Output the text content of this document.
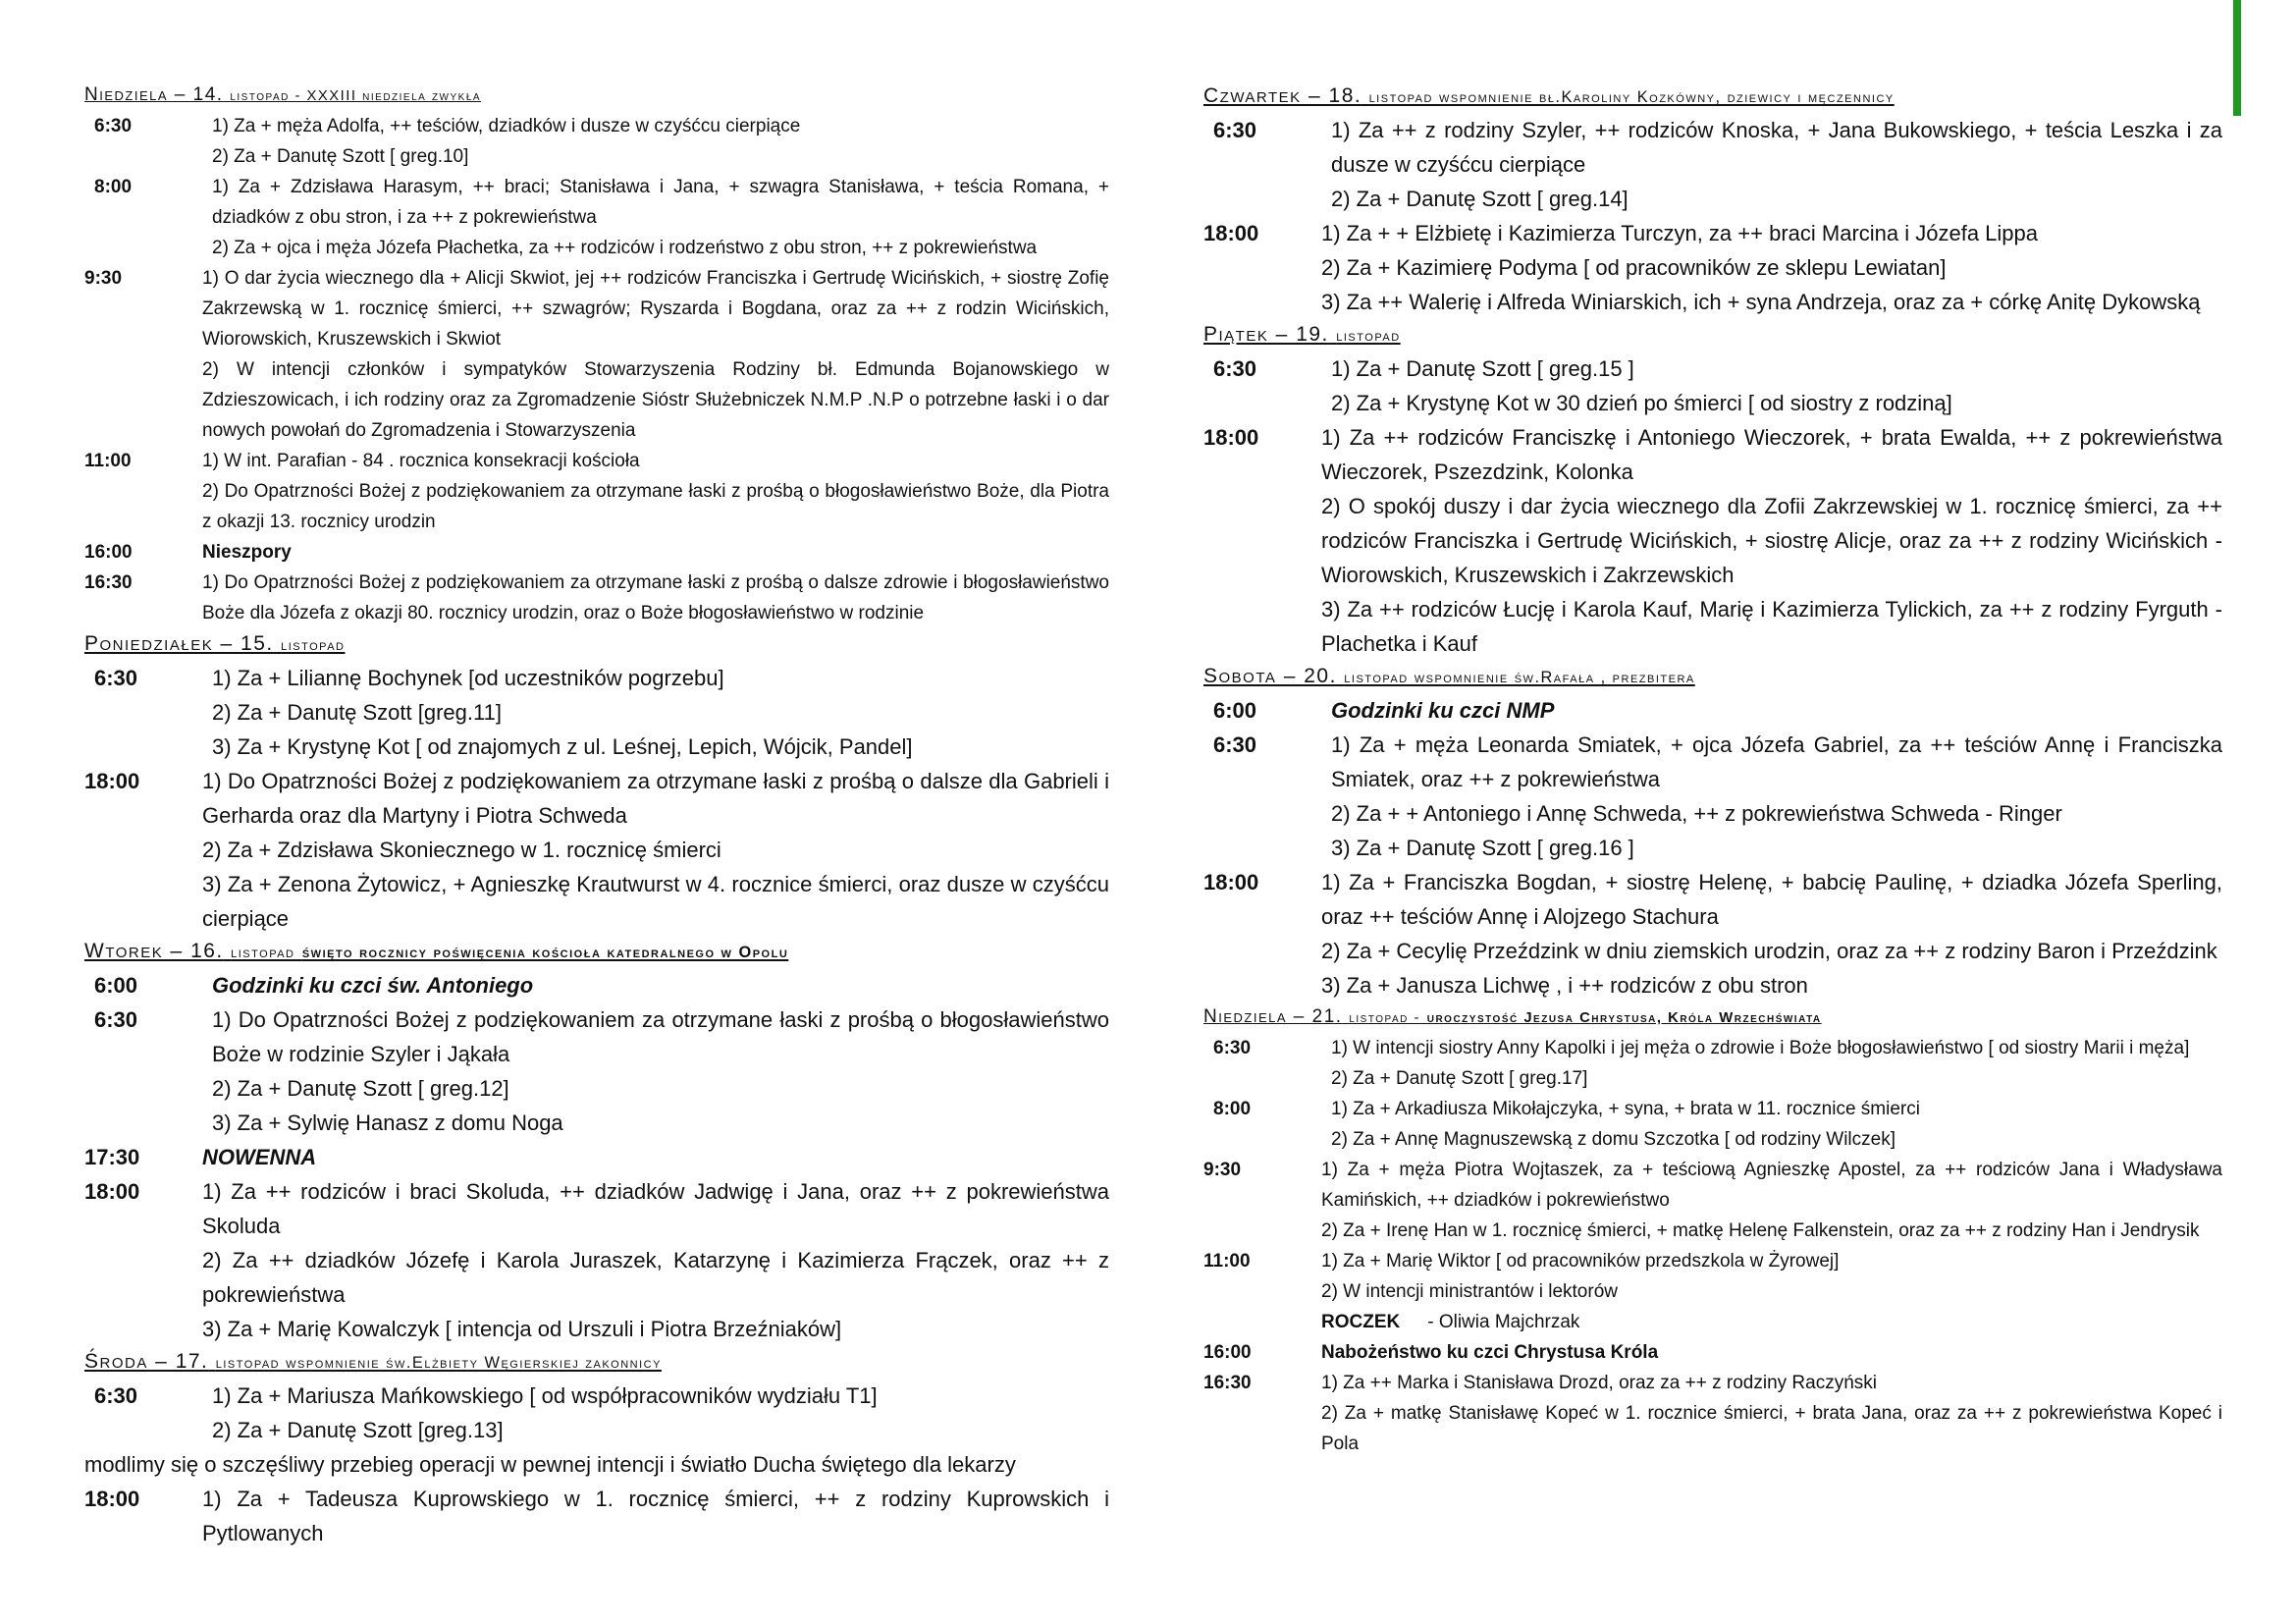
Niedziela – 14. listopad - XXXIII niedziela zwykła
6:30	1) Za + męża Adolfa, ++ teściów, dziadków i dusze w czyśćcu cierpiące
2) Za + Danutę Szott [ greg.10]
8:00	1) Za + Zdzisława Harasym, ++ braci; Stanisława i Jana, + szwagra Stanisława, + teścia Romana, + dziadków z obu stron, i za ++ z pokrewieństwa
2) Za + ojca i męża Józefa Płachetka, za ++ rodziców i rodzeństwo z obu stron, ++ z pokrewieństwa
9:30	1) O dar życia wiecznego dla + Alicji Skwiot, jej ++ rodziców Franciszka i Gertrudę Wicińskich, + siostrę Zofię Zakrzewską w 1. rocznicę śmierci, ++ szwagrów; Ryszarda i Bogdana, oraz za ++ z rodzin Wicińskich, Wiorowskich, Kruszewskich i Skwiot
2) W intencji członków i sympatyków Stowarzyszenia Rodziny bł. Edmunda Bojanowskiego w Zdzieszowicach, i ich rodziny oraz za Zgromadzenie Sióstr Służebniczek N.M.P .N.P o potrzebne łaski i o dar nowych powołań do Zgromadzenia i Stowarzyszenia
11:00	1) W int. Parafian - 84 . rocznica konsekracji kościoła
2) Do Opatrzności Bożej z podziękowaniem za otrzymane łaski z prośbą o błogosławieństwo Boże, dla Piotra z okazji 13. rocznicy urodzin
16:00	Nieszpory
16:30	1) Do Opatrzności Bożej z podziękowaniem za otrzymane łaski z prośbą o dalsze zdrowie i błogosławieństwo Boże dla Józefa z okazji 80. rocznicy urodzin, oraz o Boże błogosławieństwo w rodzinie
Poniedziałek – 15. listopad
6:30	1) Za + Liliannę Bochynek [od uczestników pogrzebu]
2) Za + Danutę Szott [greg.11]
3) Za + Krystynę Kot [ od znajomych z ul. Leśnej, Lepich, Wójcik, Pandel]
18:00	1) Do Opatrzności Bożej z podziękowaniem za otrzymane łaski z prośbą o dalsze dla Gabrieli i Gerharda oraz dla Martyny i Piotra Schweda
2) Za + Zdzisława Skoniecznego w 1. rocznicę śmierci
3) Za + Zenona Żytowicz, + Agnieszkę Krautwurst w 4. rocznice śmierci, oraz dusze w czyśćcu cierpiące
Wtorek – 16. listopad święto rocznicy poświęcenia kościoła katedralnego w Opolu
6:00	Godzinki ku czci św. Antoniego
6:30	1) Do Opatrzności Bożej z podziękowaniem za otrzymane łaski z prośbą o błogosławieństwo Boże w rodzinie Szyler i Jąkała
2) Za + Danutę Szott [ greg.12]
3) Za + Sylwię Hanasz z domu Noga
17:30	NOWENNA
18:00	1) Za ++ rodziców i braci Skoluda, ++ dziadków Jadwigę i Jana, oraz ++ z pokrewieństwa Skoluda
2) Za ++ dziadków Józefę i Karola Juraszek, Katarzynę i Kazimierza Frączek, oraz ++ z pokrewieństwa
3) Za + Marię Kowalczyk [ intencja od Urszuli i Piotra Brzeźniaków]
Środa – 17. listopad wspomnienie św.Elżbiety Węgierskiej zakonnicy
6:30	1) Za + Mariusza Mańkowskiego [ od współpracowników wydziału T1]
2) Za + Danutę Szott [greg.13]
modlimy się o szczęśliwy przebieg operacji w pewnej intencji i światło Ducha świętego dla lekarzy
18:00	1) Za + Tadeusza Kuprowskiego w 1. rocznicę śmierci, ++ z rodziny Kuprowskich i Pytlowanych
Czwartek – 18. listopad wspomnienie bł.Karoliny Kozkówny, dziewicy i męczennicy
6:30	1) Za ++ z rodziny Szyler, ++ rodziców Knoska, + Jana Bukowskiego, + teścia Leszka i za dusze w czyśćcu cierpiące
2) Za + Danutę Szott [ greg.14]
18:00	1) Za + + Elżbietę i Kazimierza Turczyn, za ++ braci Marcina i Józefa Lippa
2) Za + Kazimierę Podyma [ od pracowników ze sklepu Lewiatan]
3) Za ++ Walerię i Alfreda Winiarskich, ich + syna Andrzeja, oraz za + córkę Anitę Dykowską
Piątek – 19. listopad
6:30	1) Za + Danutę Szott [ greg.15 ]
2) Za + Krystynę Kot w 30 dzień po śmierci [ od siostry z rodziną]
18:00	1) Za ++ rodziców Franciszkę i Antoniego Wieczorek, + brata Ewalda, ++ z pokrewieństwa Wieczorek, Pszezdzink, Kolonka
2) O spokój duszy i dar życia wiecznego dla Zofii Zakrzewskiej w 1. rocznicę śmierci, za ++ rodziców Franciszka i Gertrudę Wicińskich, + siostrę Alicje, oraz za ++ z rodziny Wicińskich - Wiorowskich, Kruszewskich i Zakrzewskich
3) Za ++ rodziców Łucję i Karola Kauf, Marię i Kazimierza Tylickich, za ++ z rodziny Fyrguth - Plachetka i Kauf
Sobota – 20. listopad wspomnienie św.Rafała , prezbitera
6:00	Godzinki ku czci NMP
6:30	1) Za + męża Leonarda Smiatek, + ojca Józefa Gabriel, za ++ teściów Annę i Franciszka Smiatek, oraz ++ z pokrewieństwa
2) Za + + Antoniego i Annę Schweda, ++ z pokrewieństwa Schweda - Ringer
3) Za + Danutę Szott [ greg.16 ]
18:00	1) Za + Franciszka Bogdan, + siostrę Helenę, + babcię Paulinę, + dziadka Józefa Sperling, oraz ++ teściów Annę i Alojzego Stachura
2) Za + Cecylię Przeździnk w dniu ziemskich urodzin, oraz za ++ z rodziny Baron i Przeździnk
3) Za + Janusza Lichwę , i ++ rodziców z obu stron
Niedziela – 21. listopad - uroczystość Jezusa Chrystusa, Króla Wrzechświata
6:30	1) W intencji siostry Anny Kapolki i jej męża o zdrowie i Boże błogosławieństwo [ od siostry Marii i męża]
2) Za + Danutę Szott [ greg.17]
8:00	1) Za + Arkadiusza Mikołajczyka, + syna, + brata w 11. rocznice śmierci
2) Za + Annę Magnuszewską z domu Szczotka [ od rodziny Wilczek]
9:30	1) Za + męża Piotra Wojtaszek, za + teściową Agnieszkę Apostel, za ++ rodziców Jana i Władysława Kamińskich, ++ dziadków i pokrewieństwo
2) Za + Irenę Han w 1. rocznicę śmierci, + matkę Helenę Falkenstein, oraz za ++ z rodziny Han i Jendrysik
11:00	1) Za + Marię Wiktor [ od pracowników przedszkola w Żyrowej]
2) W intencji ministrantów i lektorów
ROCZEK - Oliwia Majchrzak
16:00	Nabożeństwo ku czci Chrystusa Króla
16:30	1) Za ++ Marka i Stanisława Drozd, oraz za ++ z rodziny Raczyński
2) Za + matkę Stanisławę Kopeć w 1. rocznice śmierci, + brata Jana, oraz za ++ z pokrewieństwa Kopeć i Pola
